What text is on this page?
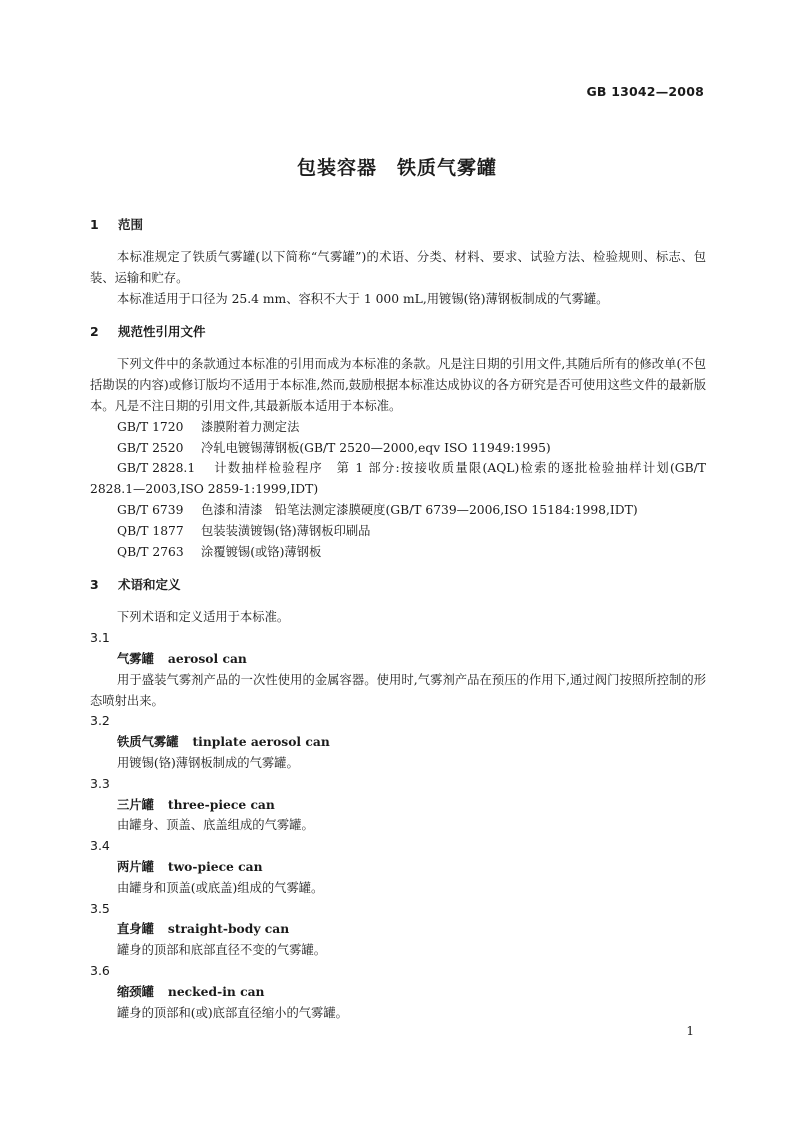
GB 13042—2008
包装容器　铁质气雾罐
1 范围

本标准规定了铁质气雾罐(以下简称“气雾罐”)的术语、分类、材料、要求、试验方法、检验规则、标志、包装、运输和贮存。

本标准适用于口径为 25.4 mm、容积不大于 1 000 mL,用镀锡(铬)薄钢板制成的气雾罐。

2 规范性引用文件

下列文件中的条款通过本标准的引用而成为本标准的条款。凡是注日期的引用文件,其随后所有的修改单(不包括勘误的内容)或修订版均不适用于本标准,然而,鼓励根据本标准达成协议的各方研究是否可使用这些文件的最新版本。凡是不注日期的引用文件,其最新版本适用于本标准。

GB/T 1720 漆膜附着力测定法

GB/T 2520 冷轧电镀锡薄钢板(GB/T 2520—2000,eqv ISO 11949:1995)

GB/T 2828.1 计数抽样检验程序　第 1 部分:按接收质量限(AQL)检索的逐批检验抽样计划(GB/T 2828.1—2003,ISO 2859-1:1999,IDT)

GB/T 6739 色漆和清漆　铅笔法测定漆膜硬度(GB/T 6739—2006,ISO 15184:1998,IDT)

QB/T 1877 包装装潢镀锡(铬)薄钢板印刷品

QB/T 2763 涂覆镀锡(或铬)薄钢板

3 术语和定义

下列术语和定义适用于本标准。

3.1

气雾罐 aerosol can

用于盛装气雾剂产品的一次性使用的金属容器。使用时,气雾剂产品在预压的作用下,通过阀门按照所控制的形态喷射出来。

3.2

铁质气雾罐 tinplate aerosol can

用镀锡(铬)薄钢板制成的气雾罐。

3.3

三片罐 three-piece can

由罐身、顶盖、底盖组成的气雾罐。

3.4

两片罐 two-piece can

由罐身和顶盖(或底盖)组成的气雾罐。

3.5

直身罐 straight-body can

罐身的顶部和底部直径不变的气雾罐。

3.6

缩颈罐 necked-in can

罐身的顶部和(或)底部直径缩小的气雾罐。

1
